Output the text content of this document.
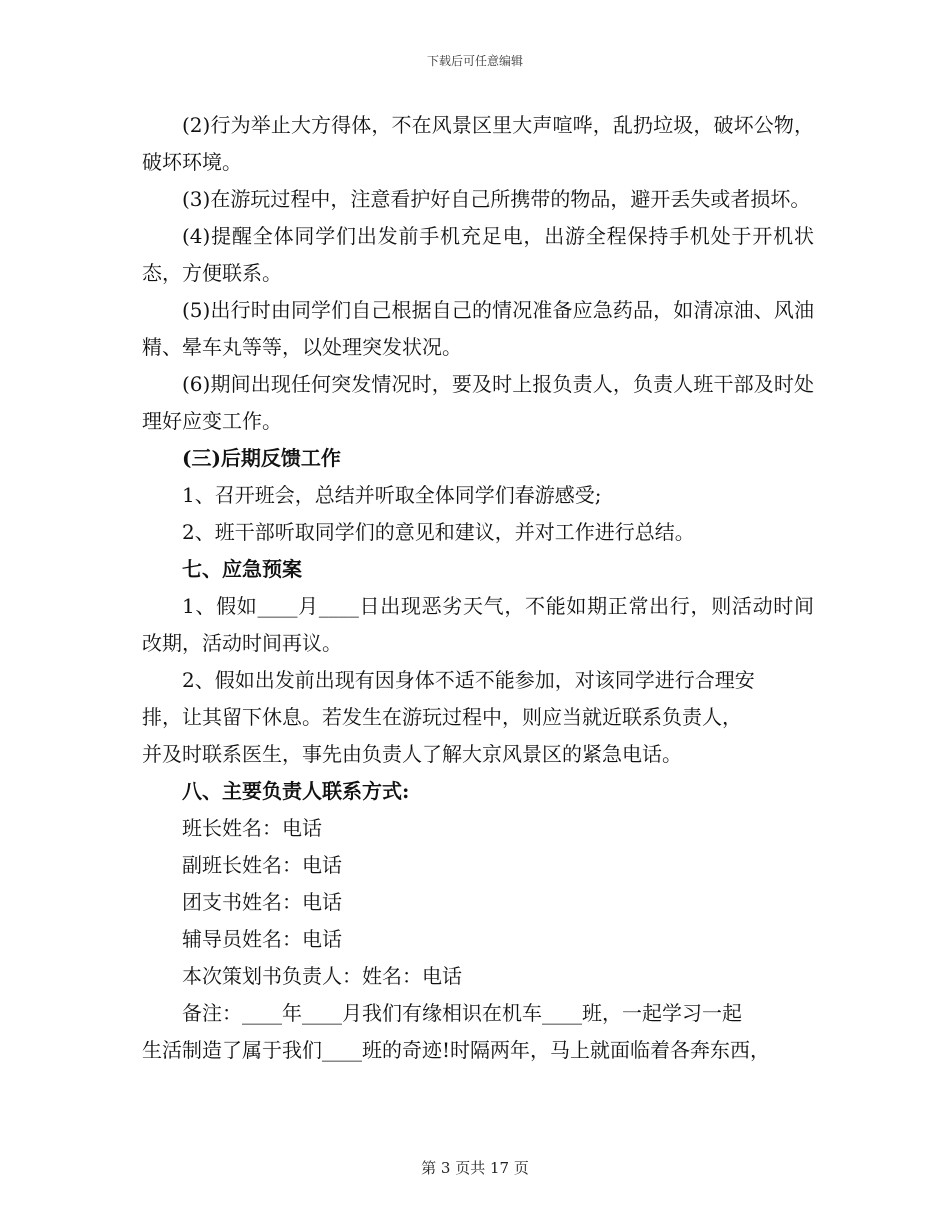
下载后可任意编辑

(2)行为举止大方得体，不在风景区里大声喧哗，乱扔垃圾，破坏公物，破坏环境。

(3)在游玩过程中，注意看护好自己所携带的物品，避开丢失或者损坏。

(4)提醒全体同学们出发前手机充足电，出游全程保持手机处于开机状态，方便联系。

(5)出行时由同学们自己根据自己的情况准备应急药品，如清凉油、风油精、晕车丸等等，以处理突发状况。

(6)期间出现任何突发情况时，要及时上报负责人，负责人班干部及时处理好应变工作。

(三)后期反馈工作

1、召开班会，总结并听取全体同学们春游感受;

2、班干部听取同学们的意见和建议，并对工作进行总结。

七、应急预案

1、假如____月____日出现恶劣天气，不能如期正常出行，则活动时间改期，活动时间再议。

2、假如出发前出现有因身体不适不能参加，对该同学进行合理安
排，让其留下休息。若发生在游玩过程中，则应当就近联系负责人，
并及时联系医生，事先由负责人了解大京风景区的紧急电话。

八、主要负责人联系方式:

班长姓名：电话

副班长姓名：电话

团支书姓名：电话

辅导员姓名：电话

本次策划书负责人：姓名：电话

备注：____年____月我们有缘相识在机车____班，一起学习一起
生活制造了属于我们____班的奇迹!时隔两年，马上就面临着各奔东西，

第 3 页共 17 页
